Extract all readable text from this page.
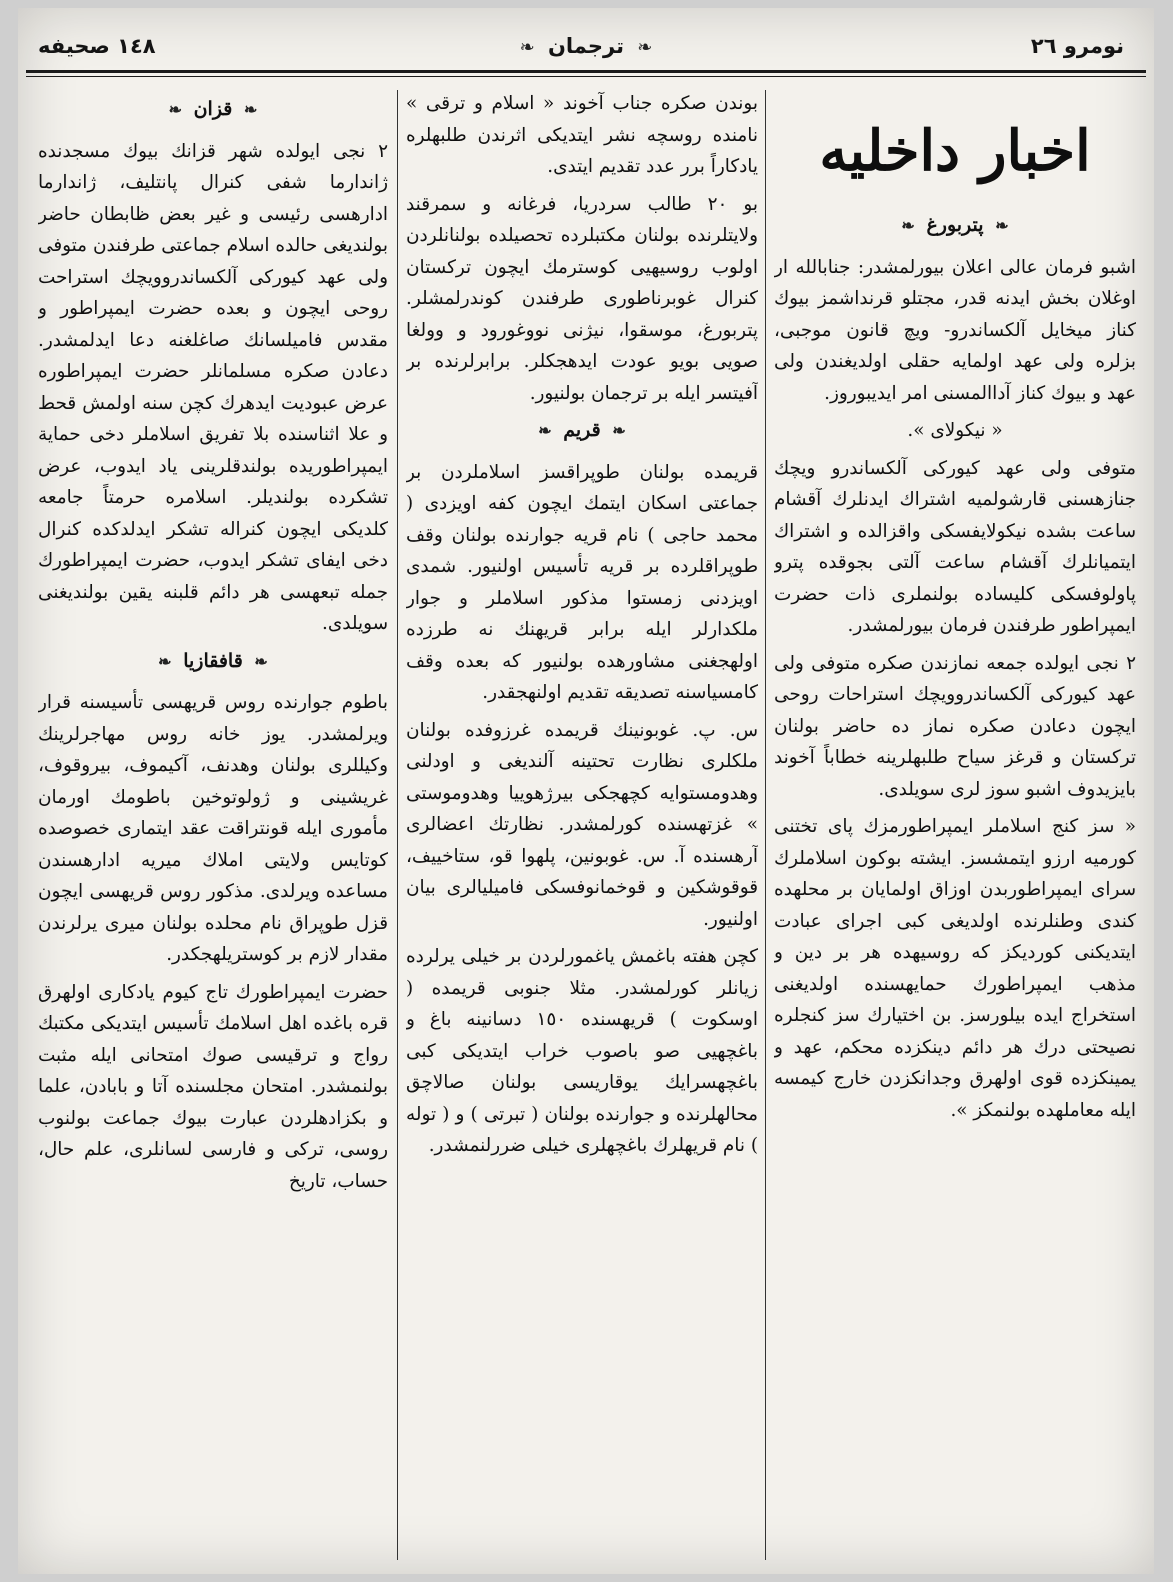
نومرو ٢٦
❧ ترجمان ❧
١٤٨ صحيفه
اخبار داخليه
❧ پتربورغ ❧

اشبو فرمان عالى اعلان بيورلمشدر: جنابالله ار اوغلان بخش ايدنه قدر، مجتلو قرنداشمز بيوك كناز ميخايل آلكساندرو- ويچ قانون موجبى، بزلره ولى عهد اولمايه حقلى اولديغندن ولى عهد و بيوك كناز آداالمسنى امر ايديبوروز.

« نيكولاى ».

متوفى ولى عهد كيوركى آلكساندرو ويچك جنازهسنى قارشولميه اشتراك ايدنلرك آقشام ساعت بشده نيكولايفسكى واقزالده و اشتراك ايتميانلرك آقشام ساعت آلتى بجوقده پترو پاولوفسكى كليساده بولنملرى ذات حضرت ايمپراطور طرفندن فرمان بيورلمشدر.

٢ نجى ايولده جمعه نمازندن صكره متوفى ولى عهد كيوركى آلكساندروويچك استراحات روحى ايچون دعادن صكره نماز ده حاضر بولنان تركستان و قرغز سياح طلبهلرينه خطاباً آخوند بايزيدوف اشبو سوز لرى سويلدى.

« سز كنج اسلاملر ايمپراطورمزك پاى تختنى كورميه ارزو ايتمشسز. ايشته بوكون اسلاملرك سراى ايمپراطوربدن اوزاق اولمايان بر محلهده كندى وطنلرنده اولديغى كبى اجراى عبادت ايتديكنى كورديكز كه روسيهده هر بر دين و مذهب ايمپراطورك حمايهسنده اولديغنى استخراج ايده بيلورسز. بن اختيارك سز كنجلره نصيحتى درك هر دائم دينكزده محكم، عهد و يمينكزده قوى اولهرق وجدانكزدن خارج كيمسه ايله معاملهده بولنمكز ».

بوندن صكره جناب آخوند « اسلام و ترقى » نامنده روسچه نشر ايتديكى اثرندن طلبهلره يادكاراً برر عدد تقديم ايتدى.

بو ٢٠ طالب سردريا، فرغانه و سمرقند ولايتلرنده بولنان مكتبلرده تحصيلده بولنانلردن اولوب روسيهيى كوسترمك ايچون تركستان كنرال غوبرناطورى طرفندن كوندرلمشلر. پتربورغ، موسقوا، نيژنى نووغورود و وولغا صويى بويو عودت ايدهجكلر. برابرلرنده بر آفيتسر ايله بر ترجمان بولنيور.

❧ قريم ❧

قريمده بولنان طوپراقسز اسلاملردن بر جماعتى اسكان ايتمك ايچون كفه اويزدى ( محمد حاجى ) نام قريه جوارنده بولنان وقف طوپراقلرده بر قريه تأسيس اولنيور. شمدى اويزدنى زمستوا مذكور اسلاملر و جوار ملكدارلر ايله برابر قريهنك نه طرزده اولهجغنى مشاورهده بولنيور كه بعده وقف كامسياسنه تصديقه تقديم اولنهجقدر.

س. پ. غوبونينك قريمده غرزوفده بولنان ملكلرى نظارت تحتينه آلنديغى و اودلنى وهدومستوايه كچهجكى بيرژهوييا وهدوموستى » غزتهسنده كورلمشدر. نظارتك اعضالرى آرهسنده آ. س. غوبونين، پلهوا قو، ستاخييف، قوقوشكين و قوخمانوفسكى فاميليالرى بيان اولنيور.

كچن هفته باغمش ياغمورلردن بر خيلى يرلرده زيانلر كورلمشدر. مثلا جنوبى قريمده ( اوسكوت ) قريهسنده ١٥٠ دسانينه باغ و باغچهيى صو باصوب خراب ايتديكى كبى باغچهسرايك يوقاريسى بولنان صالاچق محالهلرنده و جوارنده بولنان ( تبرتى ) و ( توله ) نام قريهلرك باغچهلرى خيلى ضررلنمشدر.

❧ قزان ❧

٢ نجى ايولده شهر قزانك بيوك مسجدنده ژاندارما شفى كنرال پانتليف، ژاندارما ادارهسى رئيسى و غير بعض ظابطان حاضر بولنديغى حالده اسلام جماعتى طرفندن متوفى ولى عهد كيوركى آلكساندروويچك استراحت روحى ايچون و بعده حضرت ايمپراطور و مقدس فاميلسانك صاغلغنه دعا ايدلمشدر. دعادن صكره مسلمانلر حضرت ايمپراطوره عرض عبوديت ايدهرك كچن سنه اولمش قحط و علا اثناسنده بلا تفريق اسلاملر دخى حماية ايمپراطوريده بولندقلرينى ياد ايدوب، عرض تشكرده بولنديلر. اسلامره حرمتاً جامعه كلديكى ايچون كنراله تشكر ايدلدكده كنرال دخى ايفاى تشكر ايدوب، حضرت ايمپراطورك جمله تبعهسى هر دائم قلبنه يقين بولنديغنى سويلدى.

❧ قافقازيا ❧

باطوم جوارنده روس قريهسى تأسيسنه قرار ويرلمشدر. يوز خانه روس مهاجرلرينك وكيللرى بولنان وهدنف، آكيموف، بيروقوف، غريشينى و ژولوتوخين باطومك اورمان مأمورى ايله قونتراقت عقد ايتمارى خصوصده كوتايس ولايتى املاك ميريه ادارهسندن مساعده ويرلدى. مذكور روس قريهسى ايچون قزل طوپراق نام محلده بولنان ميرى يرلرندن مقدار لازم بر كوستريلهجكدر.

حضرت ايمپراطورك تاج كيوم يادكارى اولهرق قره باغده اهل اسلامك تأسيس ايتديكى مكتبك رواج و ترقيسى صوك امتحانى ايله مثبت بولنمشدر. امتحان مجلسنده آتا و بابادن، علما و بكزادهلردن عبارت بيوك جماعت بولنوب روسى، تركى و فارسى لسانلرى، علم حال، حساب، تاريخ
